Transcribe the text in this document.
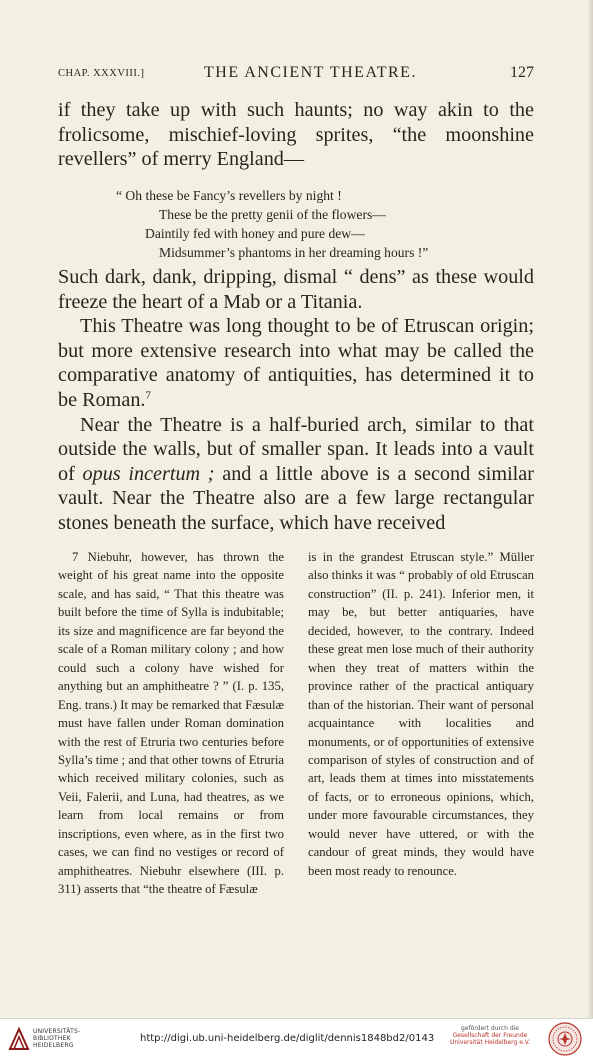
CHAP. XXXVIII.]	THE ANCIENT THEATRE.	127

if they take up with such haunts; no way akin to the frolicsome, mischief-loving sprites, “the moonshine revellers” of merry England—

“ Oh these be Fancy’s revellers by night !
These be the pretty genii of the flowers—
Daintily fed with honey and pure dew—
Midsummer’s phantoms in her dreaming hours !”

Such dark, dank, dripping, dismal “ dens” as these would freeze the heart of a Mab or a Titania.

This Theatre was long thought to be of Etruscan origin; but more extensive research into what may be called the comparative anatomy of antiquities, has determined it to be Roman.$^7$

Near the Theatre is a half-buried arch, similar to that outside the walls, but of smaller span. It leads into a vault of opus incertum ; and a little above is a second similar vault. Near the Theatre also are a few large rectangular stones beneath the surface, which have received

7 Niebuhr, however, has thrown the weight of his great name into the opposite scale, and has said, “ That this theatre was built before the time of Sylla is indubitable; its size and magnificence are far beyond the scale of a Roman military colony ; and how could such a colony have wished for anything but an amphitheatre ? ” (I. p. 135, Eng. trans.) It may be remarked that Fæsulæ must have fallen under Roman domination with the rest of Etruria two centuries before Sylla’s time ; and that other towns of Etruria which received military colonies, such as Veii, Falerii, and Luna, had theatres, as we learn from local remains or from inscriptions, even where, as in the first two cases, we can find no vestiges or record of amphitheatres. Niebuhr elsewhere (III. p. 311) asserts that “the theatre of Fæsulæ

is in the grandest Etruscan style.” Müller also thinks it was “ probably of old Etruscan construction” (II. p. 241). Inferior men, it may be, but better antiquaries, have decided, however, to the contrary. Indeed these great men lose much of their authority when they treat of matters within the province rather of the practical antiquary than of the historian. Their want of personal acquaintance with localities and monuments, or of opportunities of extensive comparison of styles of construction and of art, leads them at times into misstatements of facts, or to erroneous opinions, which, under more favourable circumstances, they would never have uttered, or with the candour of great minds, they would have been most ready to renounce.

UNIVERSITÄTS-
BIBLIOTHEK
HEIDELBERG
http://digi.ub.uni-heidelberg.de/diglit/dennis1848bd2/0143
gefördert durch die
Gesellschaft der Freunde
Universität Heidelberg e.V.
